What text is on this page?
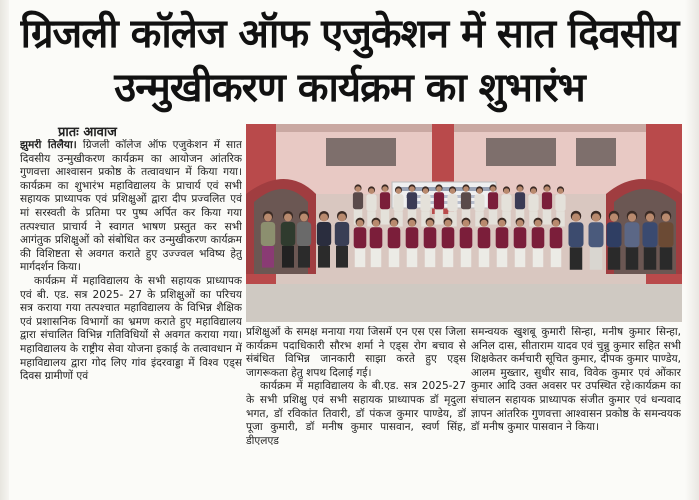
ग्रिजली कॉलेज ऑफ एजुकेशन में सात दिवसीय
उन्मुखीकरण कार्यक्रम का शुभारंभ
प्रातः आवाज

झुमरी तिलैया। ग्रिजली कॉलेज ऑफ एजुकेशन में सात दिवसीय उन्मुखीकरण कार्यक्रम का आयोजन आंतरिक गुणवत्ता आश्वासन प्रकोष्ठ के तत्वावधान में किया गया। कार्यक्रम का शुभारंभ महाविद्यालय के प्राचार्य एवं सभी सहायक प्राध्यापक एवं प्रशिक्षुओं द्वारा दीप प्रज्वलित एवं मां सरस्वती के प्रतिमा पर पुष्प अर्पित कर किया गया तत्पश्चात प्राचार्य ने स्वागत भाषण प्रस्तुत कर सभी आगंतुक प्रशिक्षुओं को संबोधित कर उन्मुखीकरण कार्यक्रम की विशिष्टता से अवगत कराते हुए उज्ज्वल भविष्य हेतु मार्गदर्शन किया।

कार्यक्रम में महाविद्यालय के सभी सहायक प्राध्यापक एवं बी. एड. सत्र 2025- 27 के प्रशिक्षुओं का परिचय सत्र कराया गया तत्पश्चात महाविद्यालय के विभिन्न शैक्षिक एवं प्रशासनिक विभागों का भ्रमण कराते हुए महाविद्यालय द्वारा संचालित विभिन्न गतिविधियों से अवगत कराया गया। महाविद्यालय के राष्ट्रीय सेवा योजना इकाई के तत्वावधान में महाविद्यालय द्वारा गोद लिए गांव इंदरवाड्डा में विश्व एड्स दिवस ग्रामीणों एवं

प्रशिक्षुओं के समक्ष मनाया गया जिसमें एन एस एस जिला कार्यक्रम पदाधिकारी सौरभ शर्मा ने एड्स रोग बचाव से संबंधित विभिन्न जानकारी साझा करते हुए एड्स जागरूकता हेतु शपथ दिलाई गई।

कार्यक्रम में महाविद्यालय के बी.एड. सत्र 2025-27 के सभी प्रशिक्षु एवं सभी सहायक प्राध्यापक डॉ मृदुला भगत, डॉ रविकांत तिवारी, डॉ पंकज कुमार पाण्डेय, डॉ पूजा कुमारी, डॉ मनीष कुमार पासवान, स्वर्ण सिंह, डीएलएड

समन्वयक खुशबू कुमारी सिन्हा, मनीष कुमार सिन्हा, अनिल दास, सीताराम यादव एवं चुन्नु कुमार सहित सभी शिक्षकेतर कर्मचारी सूचित कुमार, दीपक कुमार पाण्डेय, आलम मुख्तार, सुधीर साव, विवेक कुमार एवं ओंकार कुमार आदि उक्त अवसर पर उपस्थित रहे।कार्यक्रम का संचालन सहायक प्राध्यापक संजीत कुमार एवं धन्यवाद ज्ञापन आंतरिक गुणवत्ता आश्वासन प्रकोष्ठ के समन्वयक डॉ मनीष कुमार पासवान ने किया।
